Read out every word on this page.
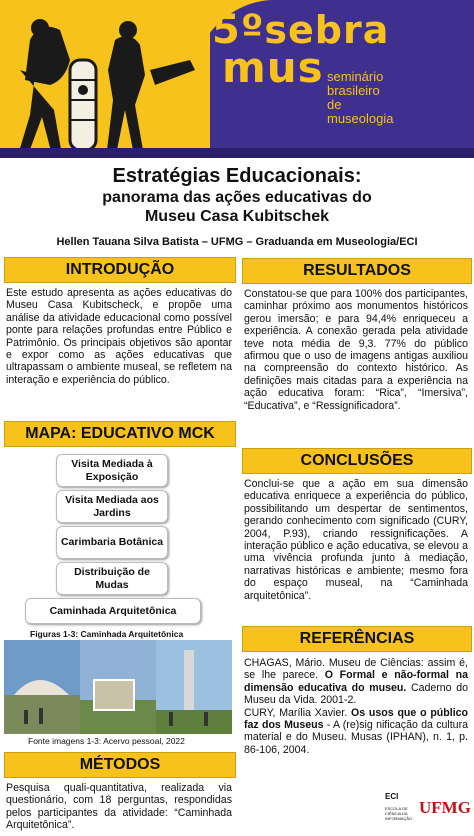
5ºsebra
mus seminário
brasileiro de
museologia
Estratégias Educacionais:
panorama das ações educativas do
Museu Casa Kubitschek
Hellen Tauana Silva Batista – UFMG – Graduanda em Museologia/ECI
INTRODUÇÃO
Este estudo apresenta as ações educativas do Museu Casa Kubitscheck, e propõe uma análise da atividade educacional como possível ponte para relações profundas entre Público e Patrimônio. Os principais objetivos são apontar e expor como as ações educativas que ultrapassam o ambiente museal, se refletem na interação e experiência do público.
MAPA: EDUCATIVO MCK
Visita Mediada à Exposição
Visita Mediada aos Jardins
Carimbaria Botânica
Distribuição de Mudas
Caminhada Arquitetônica
Figuras 1-3: Caminhada Arquitetônica
Fonte imagens 1-3: Acervo pessoal, 2022
MÉTODOS
Pesquisa quali-quantitativa, realizada via questionário, com 18 perguntas, respondidas pelos participantes da atividade: “Caminhada Arquitetônica”.
RESULTADOS
Constatou-se que para 100% dos participantes, caminhar próximo aos monumentos históricos gerou imersão; e para 94,4% enriqueceu a experiência. A conexão gerada pela atividade teve nota média de 9,3. 77% do público afirmou que o uso de imagens antigas auxiliou na compreensão do contexto histórico. As definições mais citadas para a experiência na ação educativa foram: “Rica”, “Imersiva”, “Educativa”, e “Ressignificadora”.
CONCLUSÕES
Conclui-se que a ação em sua dimensão educativa enriquece a experiência do público, possibilitando um despertar de sentimentos, gerando conhecimento com significado (CURY, 2004, P.93), criando ressignificações. A interação público e ação educativa, se elevou a uma vivência profunda junto à mediação, narrativas históricas e ambiente; mesmo fora do espaço museal, na “Caminhada arquitetônica”.
REFERÊNCIAS
CHAGAS, Mário. Museu de Ciências: assim é, se lhe parece. O Formal e não-formal na dimensão educativa do museu. Caderno do Museu da Vida. 2001-2.
CURY, Marília Xavier. Os usos que o público faz dos Museus - A (re)sig nificação da cultura material e do Museu. Musas (IPHAN), n. 1, p. 86-106, 2004.
ECI
ESCOLA DE CIÊNCIA DA INFORMAÇÃO
UFMG
